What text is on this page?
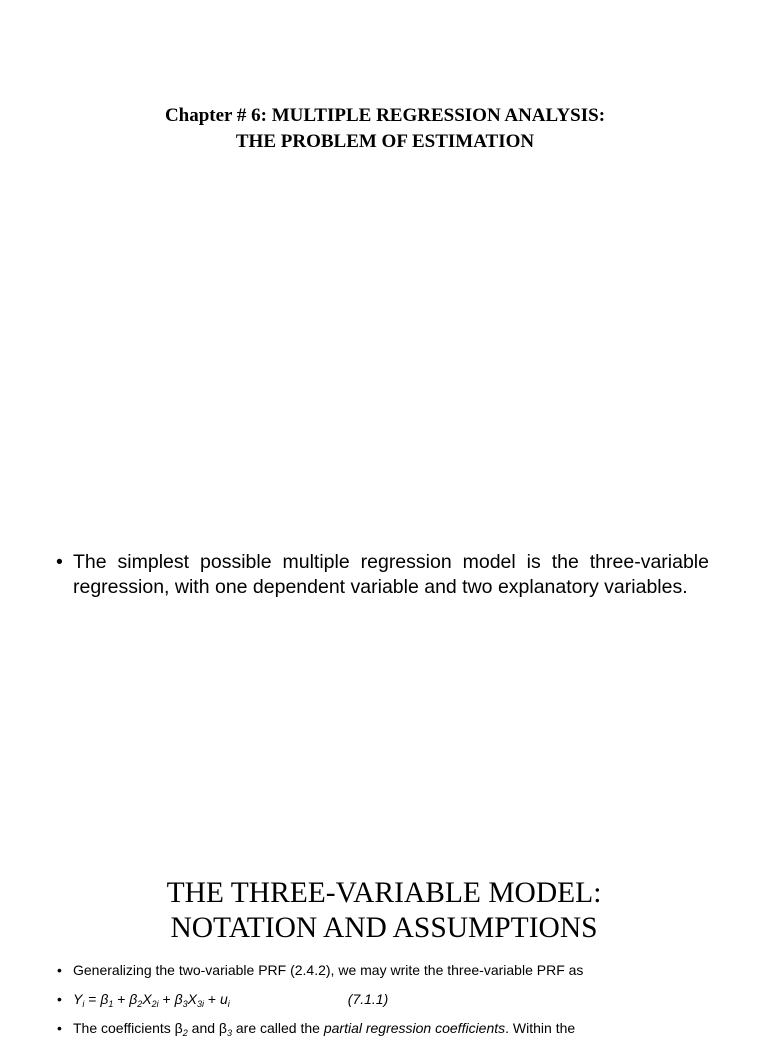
Chapter # 6: MULTIPLE REGRESSION ANALYSIS:
THE PROBLEM OF ESTIMATION
• The simplest possible multiple regression model is the three-variable regression, with one dependent variable and two explanatory variables.
THE THREE-VARIABLE MODEL:
NOTATION AND ASSUMPTIONS
• Generalizing the two-variable PRF (2.4.2), we may write the three-variable PRF as
• $Y_i = \beta_1 + \beta_2X_{2i} + \beta_3X_{3i} + u_i$	(7.1.1)
• The coefficients $\beta_2$ and $\beta_3$ are called the partial regression coefficients. Within the
